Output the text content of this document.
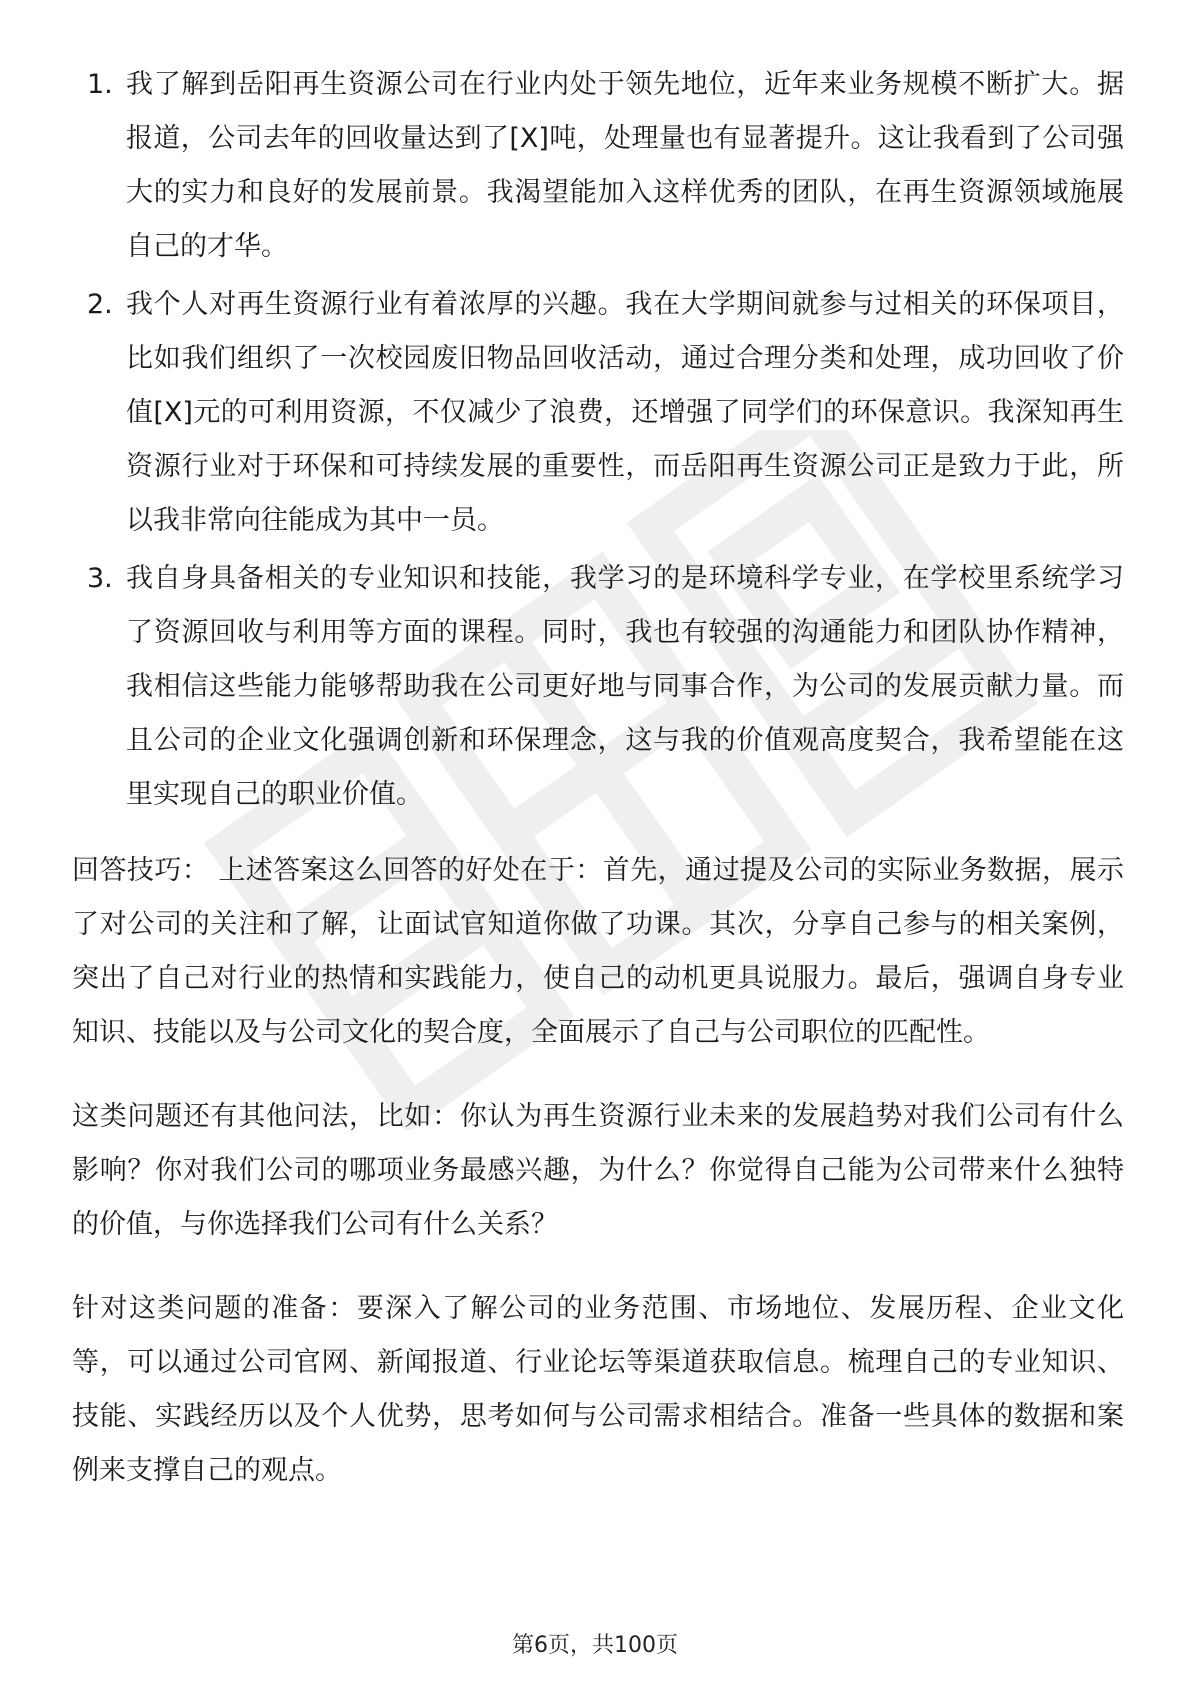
1. 我了解到岳阳再生资源公司在行业内处于领先地位，近年来业务规模不断扩大。据报道，公司去年的回收量达到了[X]吨，处理量也有显著提升。这让我看到了公司强大的实力和良好的发展前景。我渴望能加入这样优秀的团队，在再生资源领域施展自己的才华。
2. 我个人对再生资源行业有着浓厚的兴趣。我在大学期间就参与过相关的环保项目，比如我们组织了一次校园废旧物品回收活动，通过合理分类和处理，成功回收了价值[X]元的可利用资源，不仅减少了浪费，还增强了同学们的环保意识。我深知再生资源行业对于环保和可持续发展的重要性，而岳阳再生资源公司正是致力于此，所以我非常向往能成为其中一员。
3. 我自身具备相关的专业知识和技能，我学习的是环境科学专业，在学校里系统学习了资源回收与利用等方面的课程。同时，我也有较强的沟通能力和团队协作精神，我相信这些能力能够帮助我在公司更好地与同事合作，为公司的发展贡献力量。而且公司的企业文化强调创新和环保理念，这与我的价值观高度契合，我希望能在这里实现自己的职业价值。

回答技巧： 上述答案这么回答的好处在于：首先，通过提及公司的实际业务数据，展示了对公司的关注和了解，让面试官知道你做了功课。其次，分享自己参与的相关案例，突出了自己对行业的热情和实践能力，使自己的动机更具说服力。最后，强调自身专业知识、技能以及与公司文化的契合度，全面展示了自己与公司职位的匹配性。

这类问题还有其他问法，比如：你认为再生资源行业未来的发展趋势对我们公司有什么影响？你对我们公司的哪项业务最感兴趣，为什么？你觉得自己能为公司带来什么独特的价值，与你选择我们公司有什么关系？

针对这类问题的准备：要深入了解公司的业务范围、市场地位、发展历程、企业文化等，可以通过公司官网、新闻报道、行业论坛等渠道获取信息。梳理自己的专业知识、技能、实践经历以及个人优势，思考如何与公司需求相结合。准备一些具体的数据和案例来支撑自己的观点。

第6页，共100页
